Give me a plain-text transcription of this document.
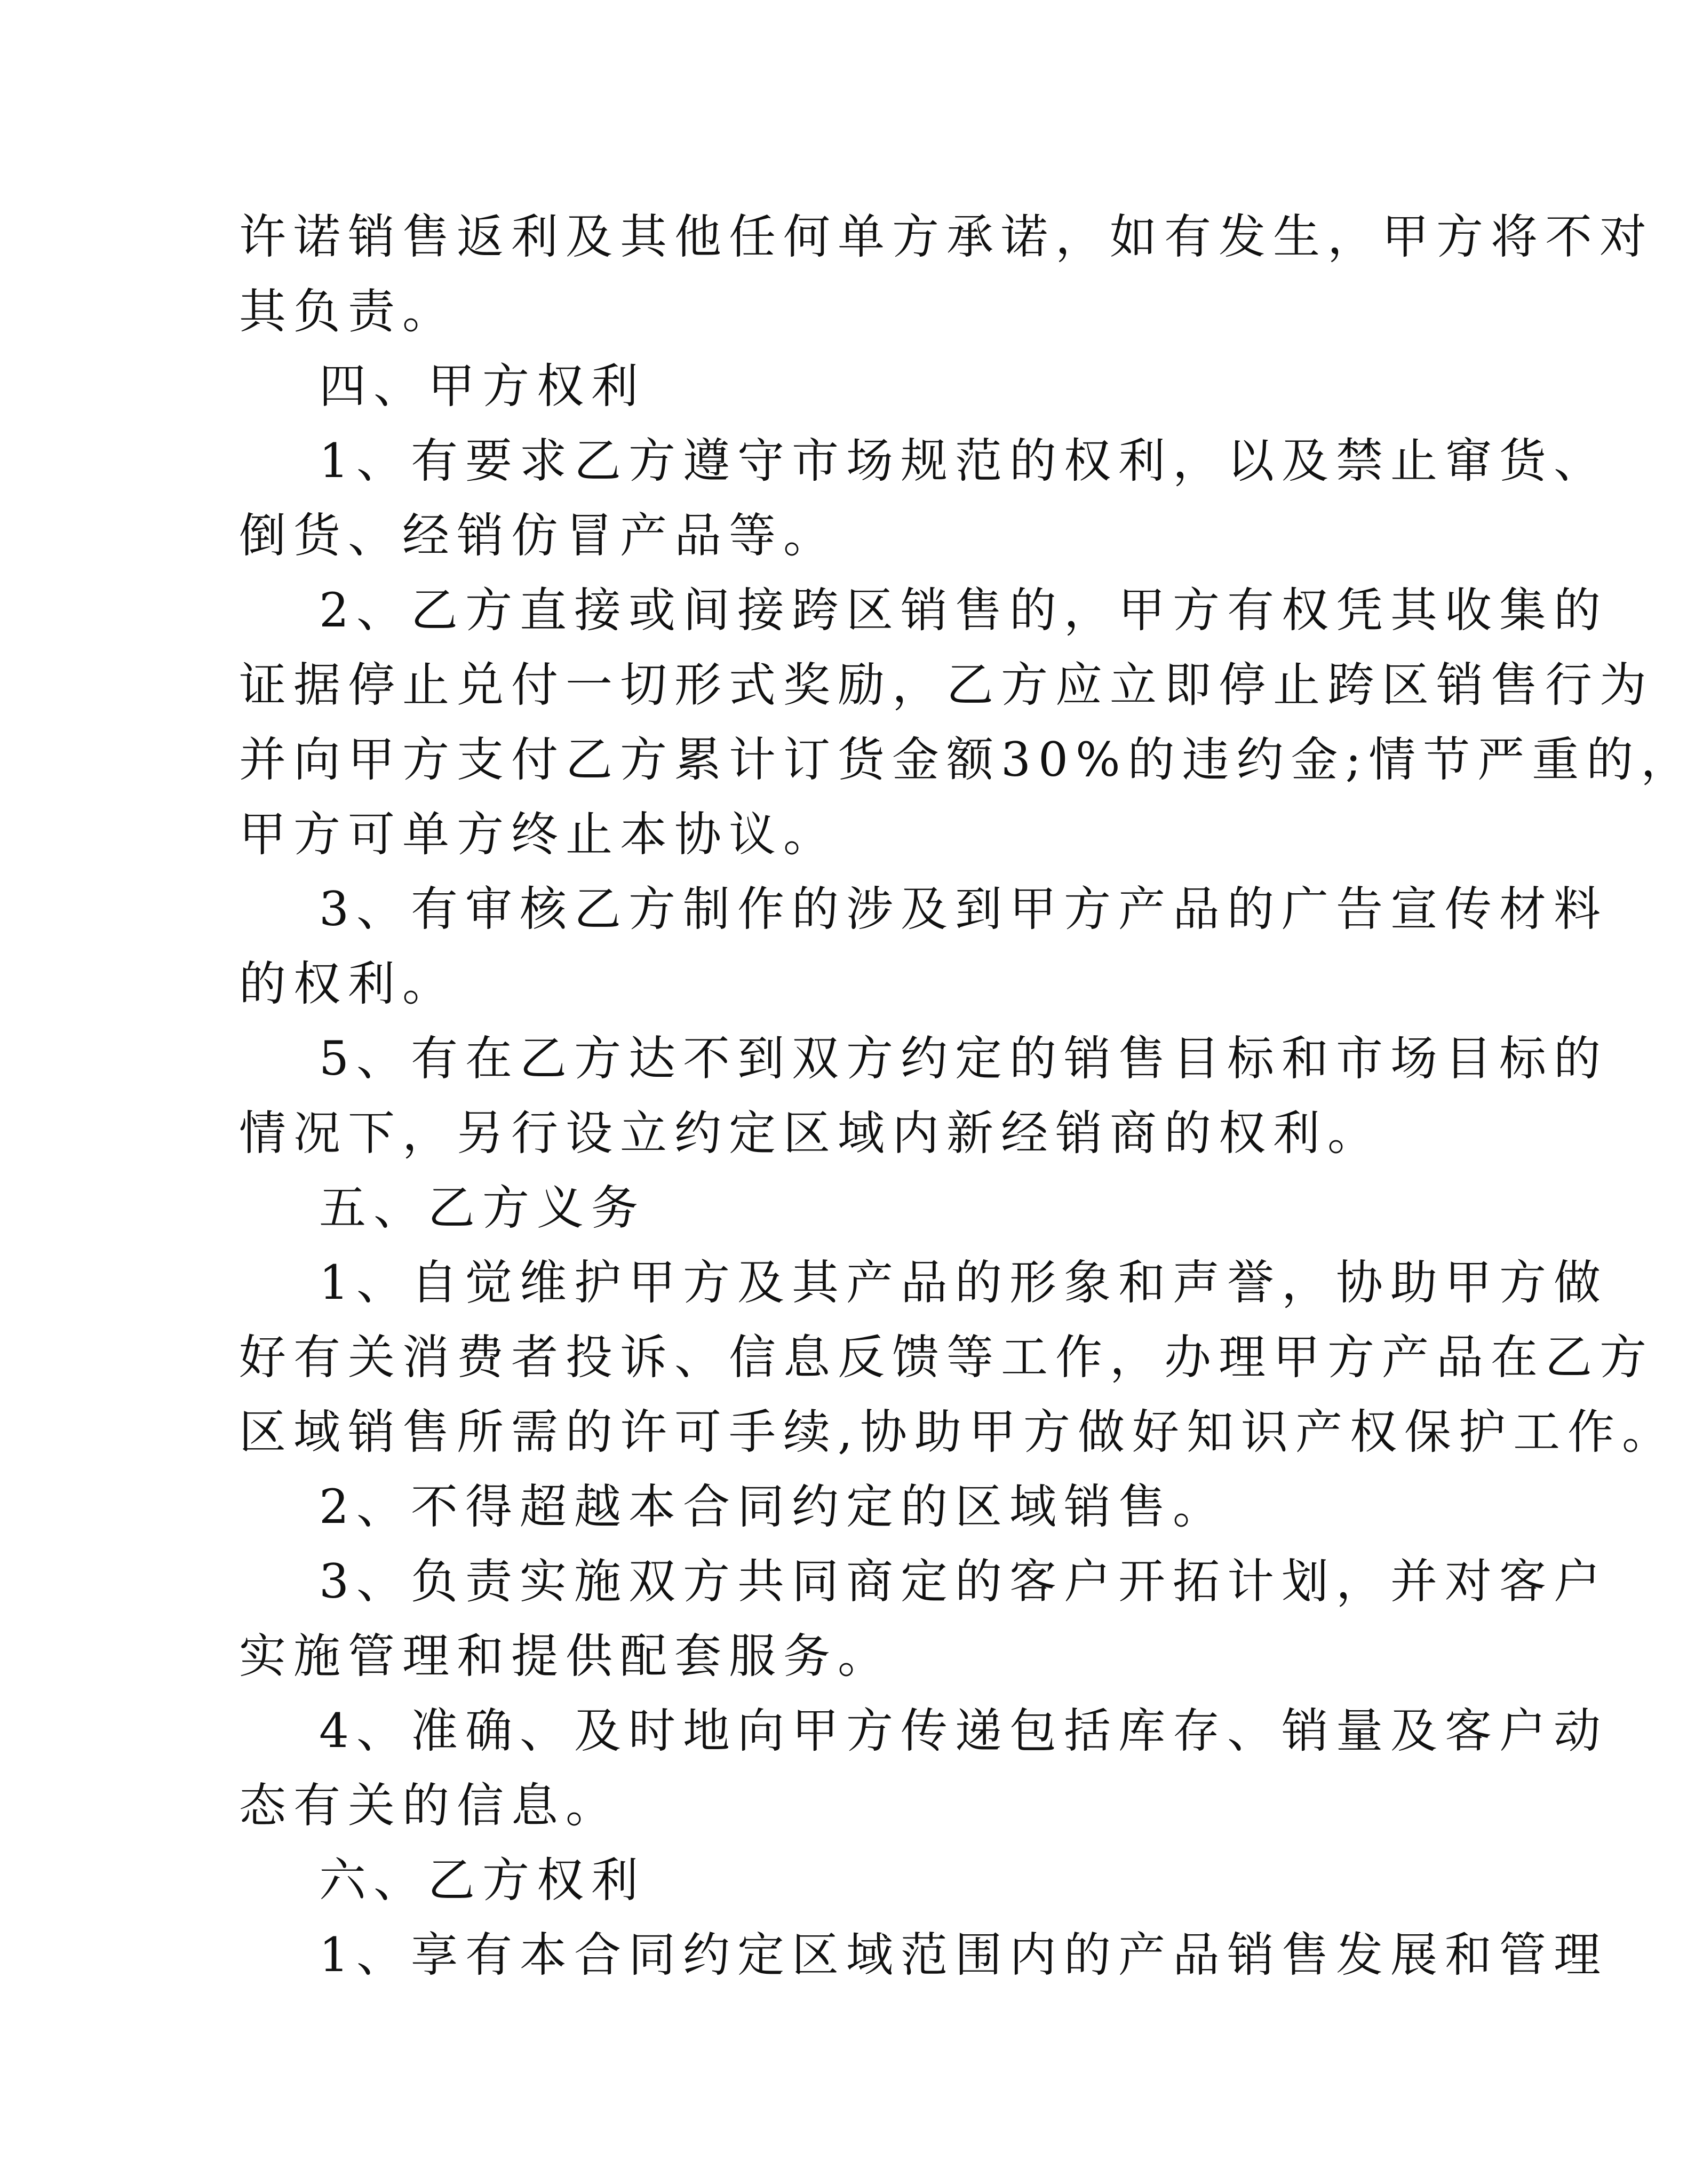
许诺销售返利及其他任何单方承诺，如有发生，甲方将不对
其负责。
四、甲方权利
1、有要求乙方遵守市场规范的权利，以及禁止窜货、
倒货、经销仿冒产品等。
2、乙方直接或间接跨区销售的，甲方有权凭其收集的
证据停止兑付一切形式奖励，乙方应立即停止跨区销售行为
并向甲方支付乙方累计订货金额30%的违约金;情节严重的，
甲方可单方终止本协议。
3、有审核乙方制作的涉及到甲方产品的广告宣传材料
的权利。
5、有在乙方达不到双方约定的销售目标和市场目标的
情况下，另行设立约定区域内新经销商的权利。
五、乙方义务
1、自觉维护甲方及其产品的形象和声誉，协助甲方做
好有关消费者投诉、信息反馈等工作，办理甲方产品在乙方
区域销售所需的许可手续,协助甲方做好知识产权保护工作。
2、不得超越本合同约定的区域销售。
3、负责实施双方共同商定的客户开拓计划，并对客户
实施管理和提供配套服务。
4、准确、及时地向甲方传递包括库存、销量及客户动
态有关的信息。
六、乙方权利
1、享有本合同约定区域范围内的产品销售发展和管理
